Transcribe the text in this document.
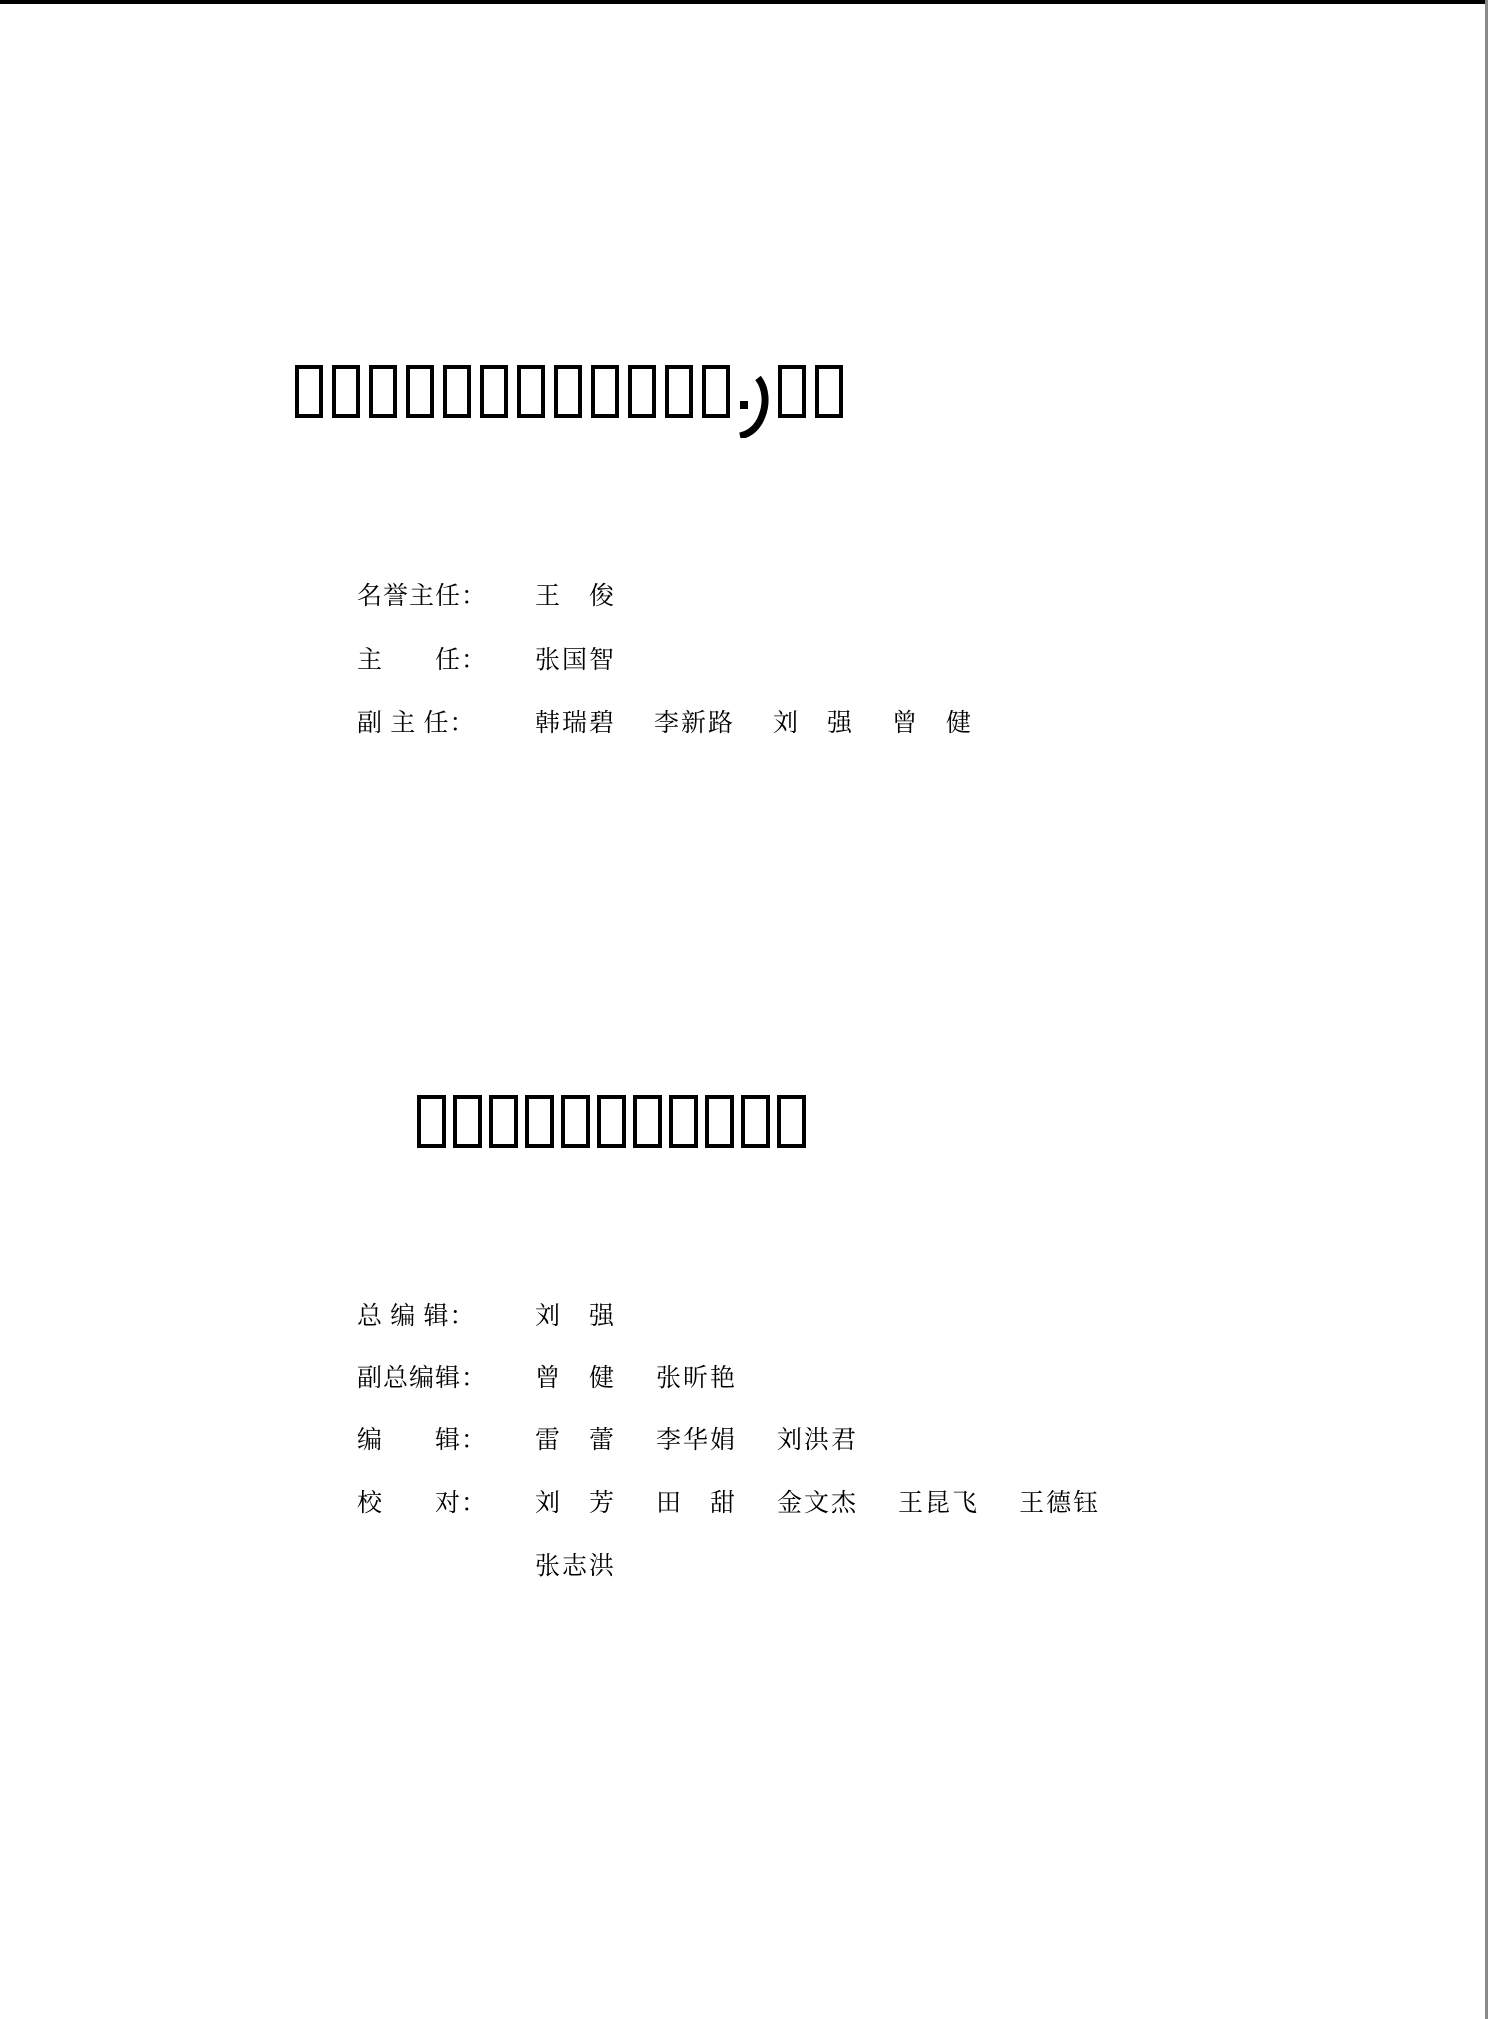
名誉主任：	王　俊
主　　任：	张国智
副 主 任：	韩瑞碧 李新路 刘　强 曾　健
总 编 辑：	刘　强
副总编辑：	曾　健 张昕艳
编　　辑：	雷　蕾 李华娟 刘洪君
校　　对：	刘　芳 田　甜 金文杰 王昆飞 王德钰
张志洪
